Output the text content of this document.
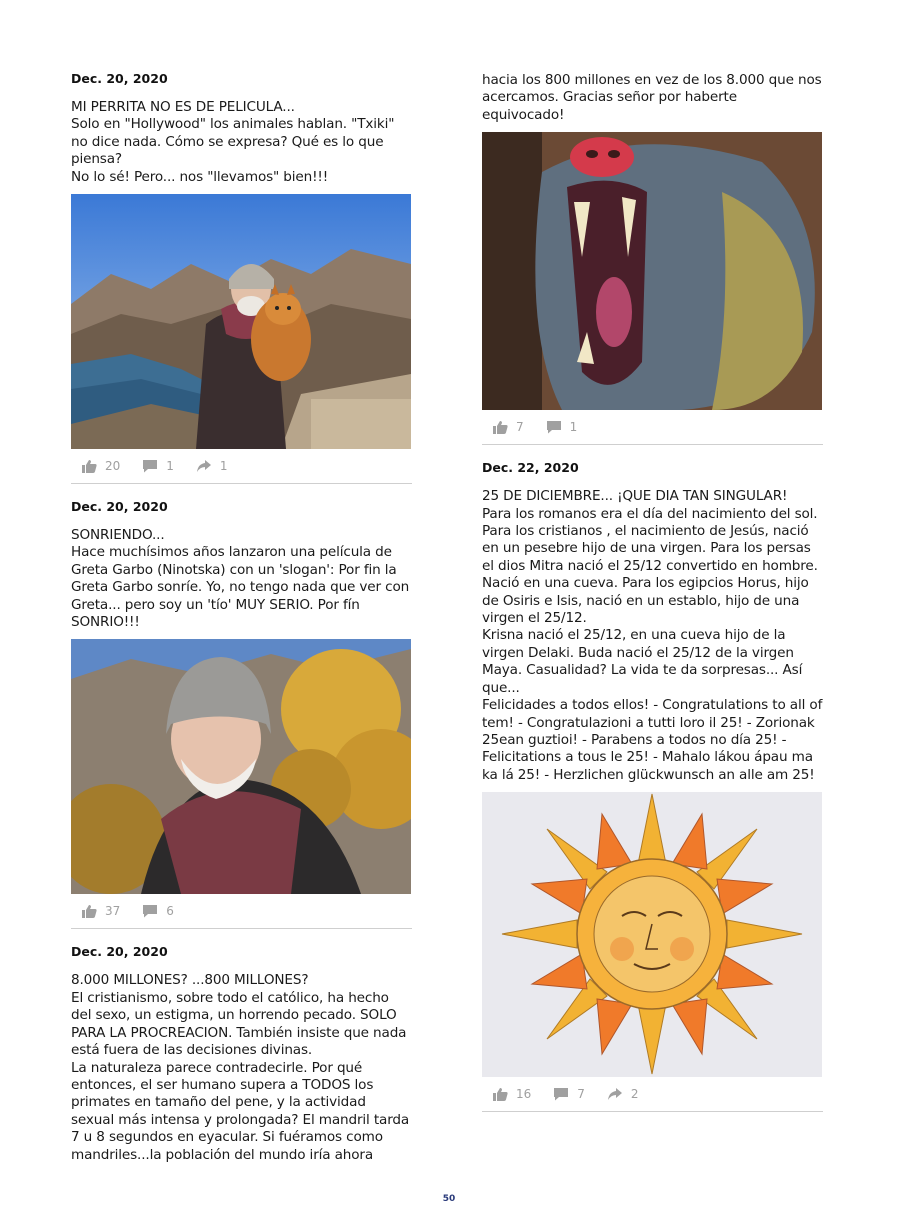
Dec. 20, 2020

MI PERRITA NO ES DE PELICULA...

Solo en "Hollywood" los animales hablan. "Txiki" no dice nada. Cómo se expresa? Qué es lo que piensa?

No lo sé! Pero... nos "llevamos" bien!!!

20	1	1
Dec. 20, 2020

SONRIENDO...

Hace muchísimos años lanzaron una película de Greta Garbo (Ninotska) con un 'slogan': Por fin la Greta Garbo sonríe. Yo, no tengo nada que ver con Greta... pero soy un 'tío' MUY SERIO. Por fín SONRIO!!!

37	6
Dec. 20, 2020

8.000 MILLONES? ...800 MILLONES?

El cristianismo, sobre todo el católico, ha hecho del sexo, un estigma, un horrendo pecado. SOLO PARA LA PROCREACION. También insiste que nada está fuera de las decisiones divinas.

La naturaleza parece contradecirle. Por qué entonces, el ser humano supera a TODOS los primates en tamaño del pene, y la actividad sexual más intensa y prolongada? El mandril tarda 7 u 8 segundos en eyacular. Si fuéramos como mandriles...la población del mundo iría ahora

hacia los 800 millones en vez de los 8.000 que nos acercamos. Gracias señor por haberte equivocado!

7	1
Dec. 22, 2020

25 DE DICIEMBRE... ¡QUE DIA TAN SINGULAR!

Para los romanos era el día del nacimiento del sol. Para los cristianos , el nacimiento de Jesús, nació en un pesebre hijo de una virgen. Para los persas el dios Mitra nació el 25/12 convertido en hombre. Nació en una cueva. Para los egipcios Horus, hijo de Osiris e Isis, nació en un establo, hijo de una virgen el 25/12.

Krisna nació el 25/12, en una cueva hijo de la virgen Delaki. Buda nació el 25/12 de la virgen Maya. Casualidad? La vida te da sorpresas... Así que...

Felicidades a todos ellos! - Congratulations to all of tem! - Congratulazioni a tutti loro il 25! - Zorionak 25ean guztioi! - Parabens a todos no día 25! - Felicitations a tous le 25! - Mahalo lákou ápau ma ka lá 25! - Herzlichen glückwunsch an alle am 25!

16	7	2
50
